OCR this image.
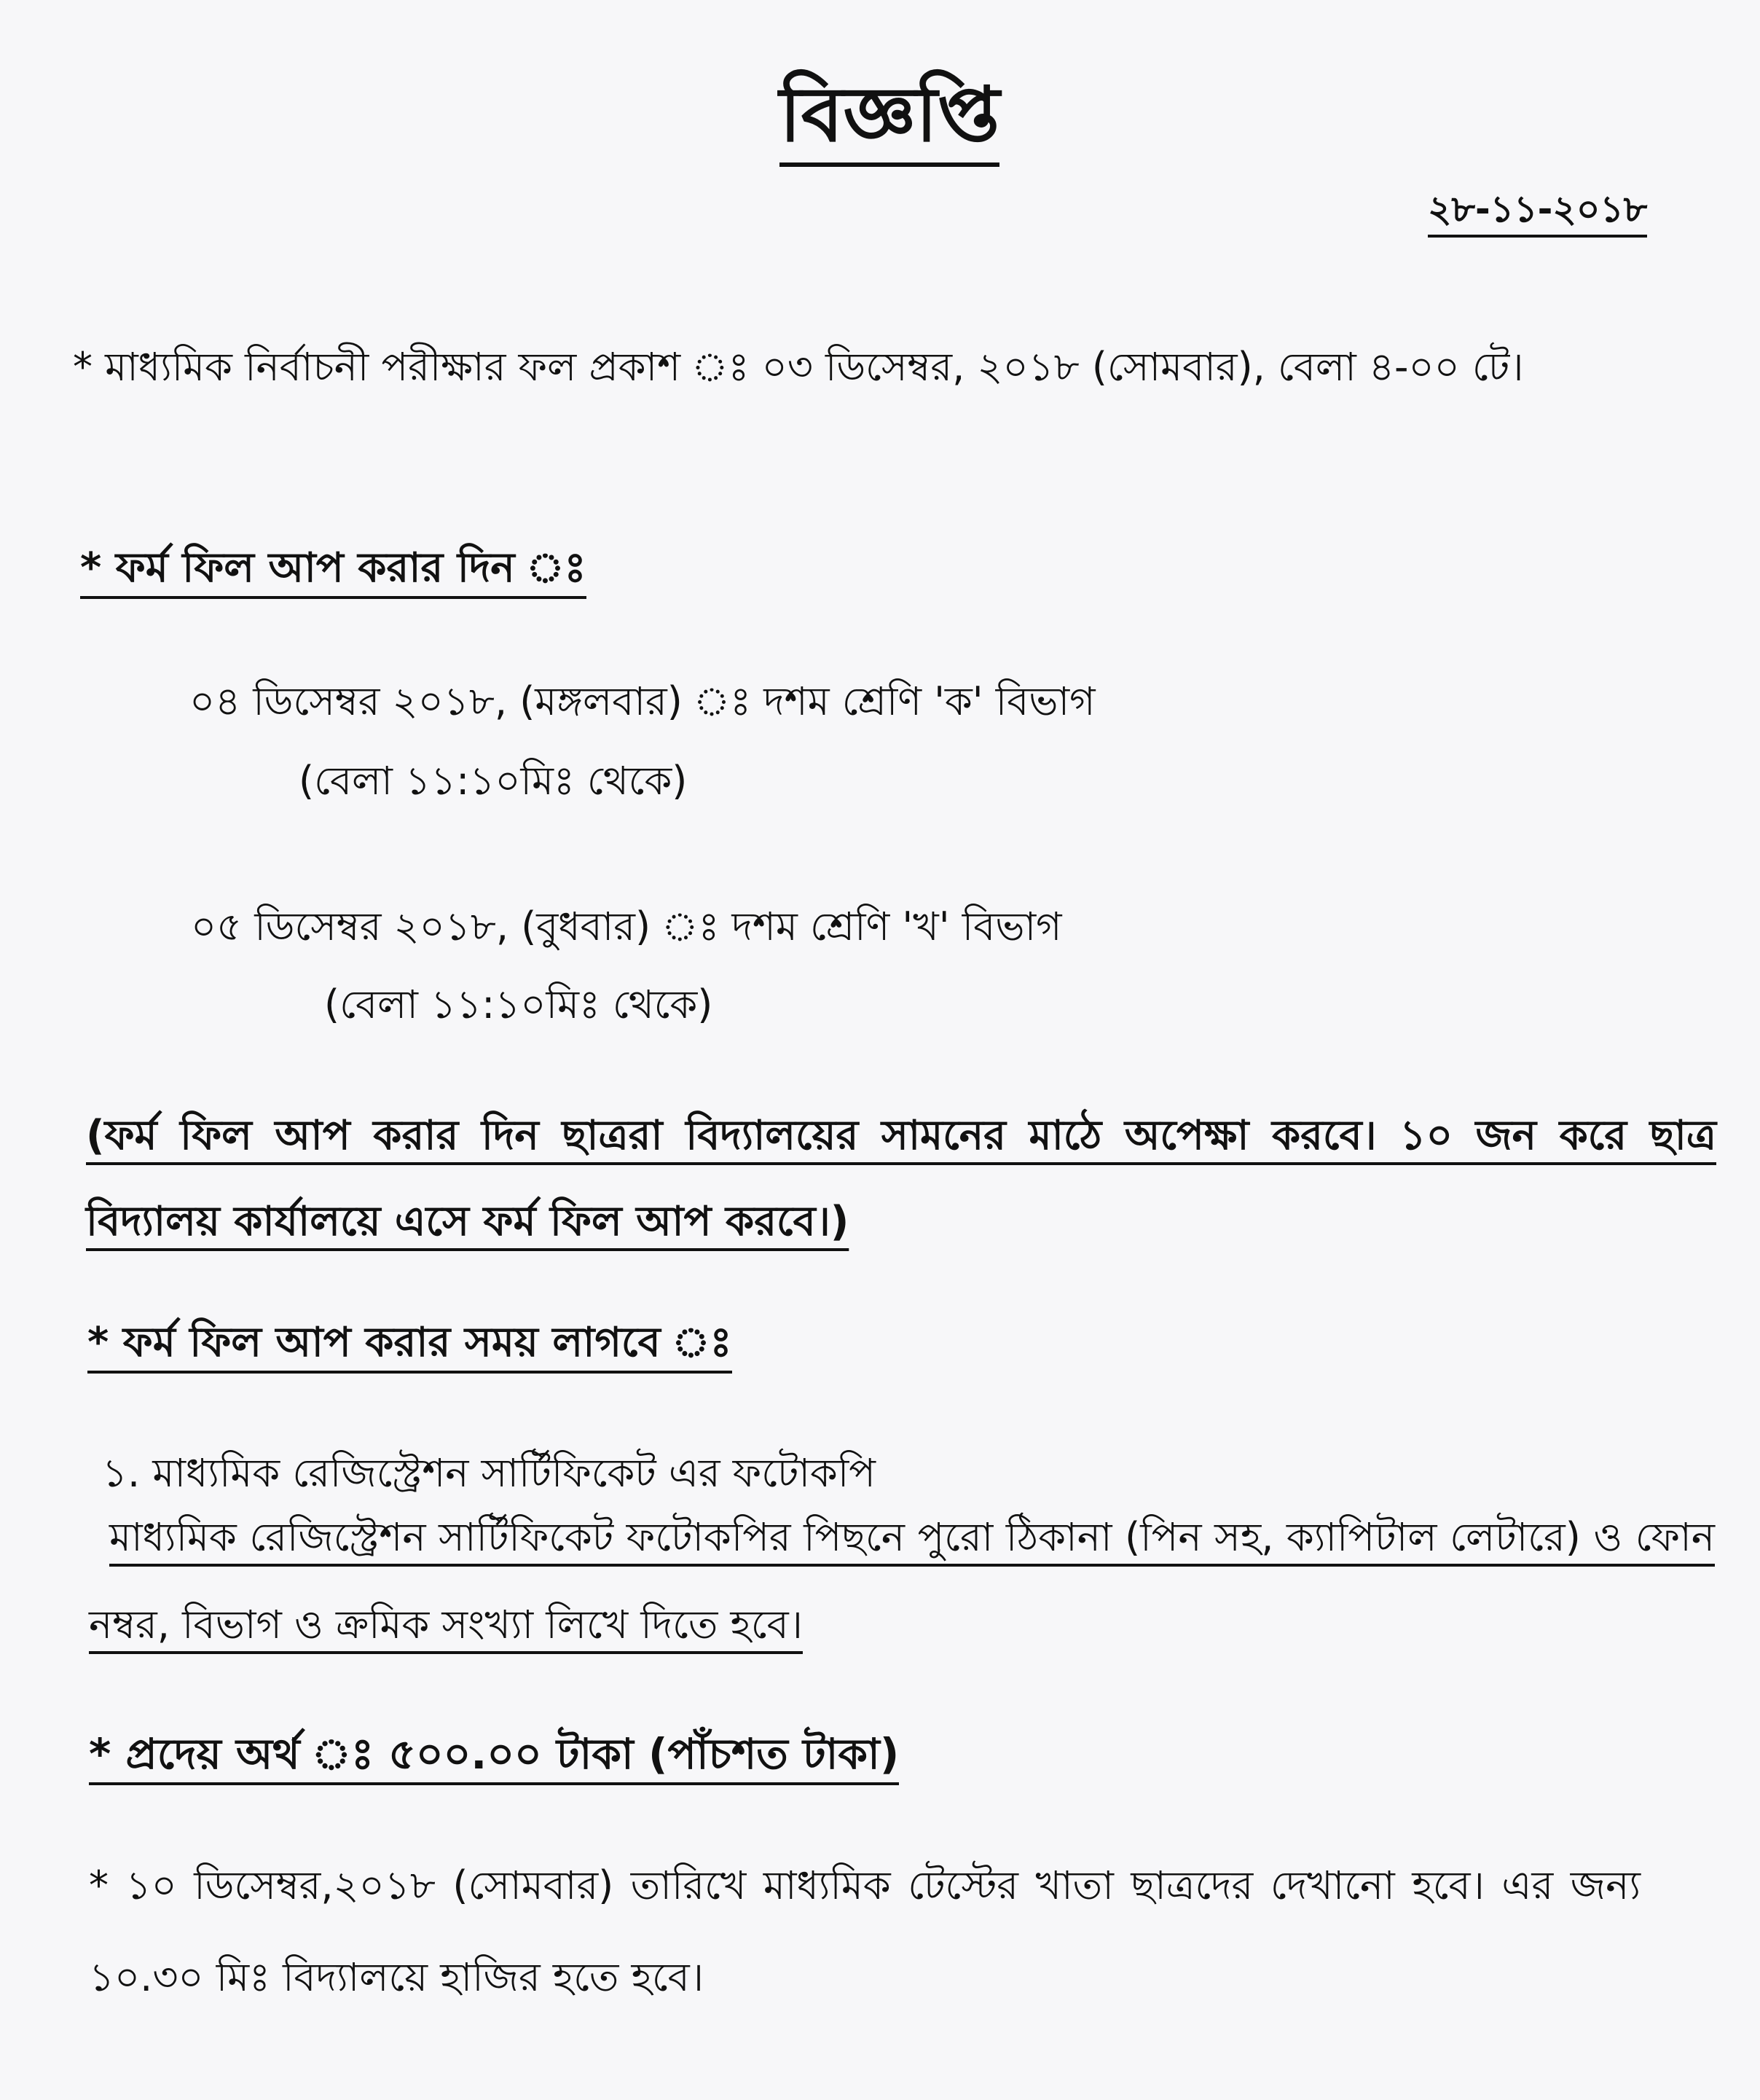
বিজ্ঞপ্তি
২৮-১১-২০১৮
* মাধ্যমিক নির্বাচনী পরীক্ষার ফল প্রকাশ ঃ ০৩ ডিসেম্বর, ২০১৮ (সোমবার), বেলা ৪-০০ টে।
* ফর্ম ফিল আপ করার দিন ঃ
০৪ ডিসেম্বর ২০১৮, (মঙ্গলবার) ঃ দশম শ্রেণি 'ক' বিভাগ
(বেলা ১১:১০মিঃ থেকে)
০৫ ডিসেম্বর ২০১৮, (বুধবার) ঃ দশম শ্রেণি 'খ' বিভাগ
(বেলা ১১:১০মিঃ থেকে)
(ফর্ম ফিল আপ করার দিন ছাত্ররা বিদ্যালয়ের সামনের মাঠে অপেক্ষা করবে। ১০ জন করে ছাত্র বিদ্যালয় কার্যালয়ে এসে ফর্ম ফিল আপ করবে।)
* ফর্ম ফিল আপ করার সময় লাগবে ঃ
১. মাধ্যমিক রেজিস্ট্রেশন সার্টিফিকেট এর ফটোকপি
মাধ্যমিক রেজিস্ট্রেশন সার্টিফিকেট ফটোকপির পিছনে পুরো ঠিকানা (পিন সহ, ক্যাপিটাল লেটারে) ও ফোন নম্বর, বিভাগ ও ক্রমিক সংখ্যা লিখে দিতে হবে।
* প্রদেয় অর্থ ঃ ৫০০.০০ টাকা (পাঁচশত টাকা)
* ১০ ডিসেম্বর,২০১৮ (সোমবার) তারিখে মাধ্যমিক টেস্টের খাতা ছাত্রদের দেখানো হবে। এর জন্য ১০.৩০ মিঃ বিদ্যালয়ে হাজির হতে হবে।
